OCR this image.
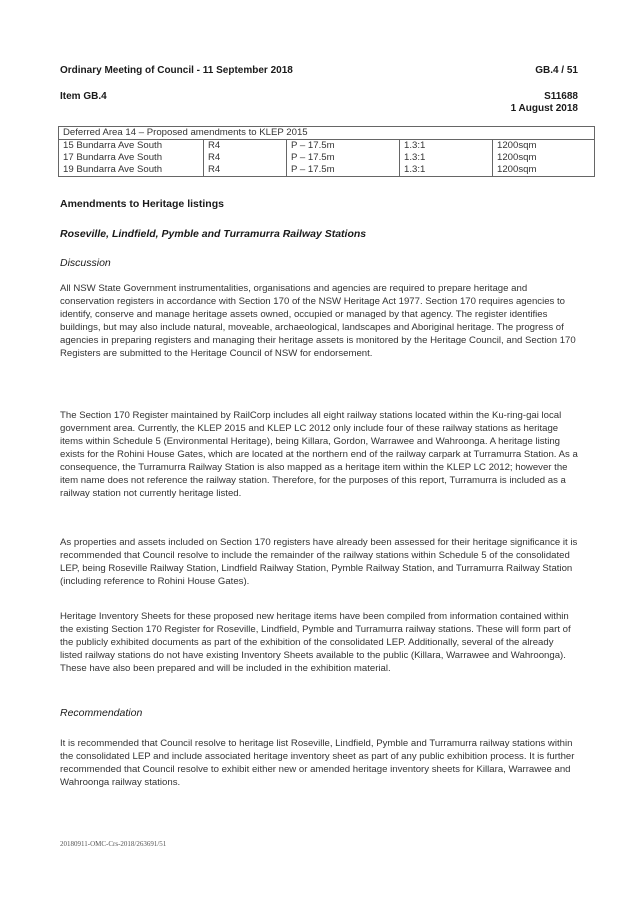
Ordinary Meeting of Council - 11 September 2018	GB.4 / 51
Item GB.4	S11688
1 August 2018
Deferred Area 14 – Proposed amendments to KLEP 2015				
15 Bundarra Ave South	R4	P – 17.5m	1.3:1	1200sqm
17 Bundarra Ave South	R4	P – 17.5m	1.3:1	1200sqm
19 Bundarra Ave South	R4	P – 17.5m	1.3:1	1200sqm
Amendments to Heritage listings
Roseville, Lindfield, Pymble and Turramurra Railway Stations
Discussion
All NSW State Government instrumentalities, organisations and agencies are required to prepare heritage and conservation registers in accordance with Section 170 of the NSW Heritage Act 1977. Section 170 requires agencies to identify, conserve and manage heritage assets owned, occupied or managed by that agency. The register identifies buildings, but may also include natural, moveable, archaeological, landscapes and Aboriginal heritage. The progress of agencies in preparing registers and managing their heritage assets is monitored by the Heritage Council, and Section 170 Registers are submitted to the Heritage Council of NSW for endorsement.
The Section 170 Register maintained by RailCorp includes all eight railway stations located within the Ku-ring-gai local government area. Currently, the KLEP 2015 and KLEP LC 2012 only include four of these railway stations as heritage items within Schedule 5 (Environmental Heritage), being Killara, Gordon, Warrawee and Wahroonga. A heritage listing exists for the Rohini House Gates, which are located at the northern end of the railway carpark at Turramurra Station. As a consequence, the Turramurra Railway Station is also mapped as a heritage item within the KLEP LC 2012; however the item name does not reference the railway station. Therefore, for the purposes of this report, Turramurra is included as a railway station not currently heritage listed.
As properties and assets included on Section 170 registers have already been assessed for their heritage significance it is recommended that Council resolve to include the remainder of the railway stations within Schedule 5 of the consolidated LEP, being Roseville Railway Station, Lindfield Railway Station, Pymble Railway Station, and Turramurra Railway Station (including reference to Rohini House Gates).
Heritage Inventory Sheets for these proposed new heritage items have been compiled from information contained within the existing Section 170 Register for Roseville, Lindfield, Pymble and Turramurra railway stations. These will form part of the publicly exhibited documents as part of the exhibition of the consolidated LEP. Additionally, several of the already listed railway stations do not have existing Inventory Sheets available to the public (Killara, Warrawee and Wahroonga). These have also been prepared and will be included in the exhibition material.
Recommendation
It is recommended that Council resolve to heritage list Roseville, Lindfield, Pymble and Turramurra railway stations within the consolidated LEP and include associated heritage inventory sheet as part of any public exhibition process. It is further recommended that Council resolve to exhibit either new or amended heritage inventory sheets for Killara, Warrawee and Wahroonga railway stations.
20180911-OMC-Crs-2018/263691/51
